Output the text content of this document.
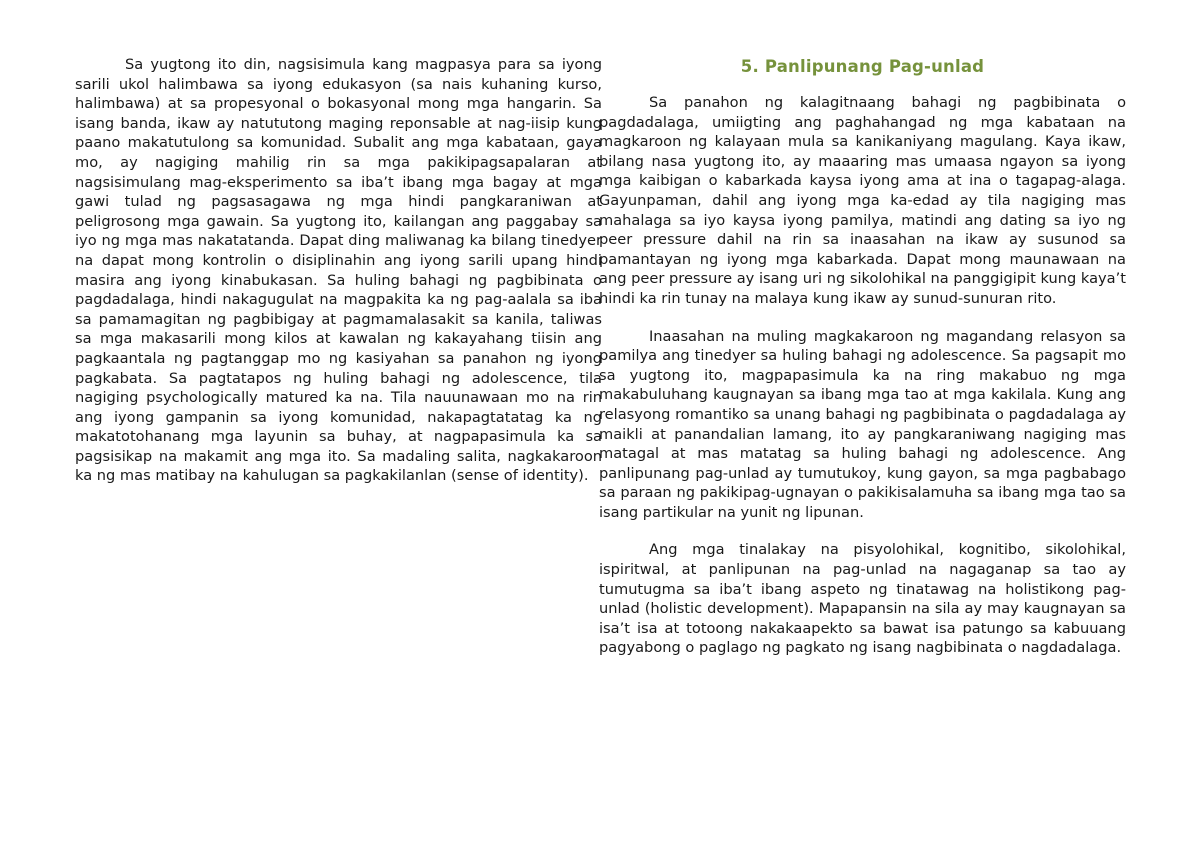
Sa yugtong ito din, nagsisimula kang magpasya para sa iyong sarili ukol halimbawa sa iyong edukasyon (sa nais kuhaning kurso, halimbawa) at sa propesyonal o bokasyonal mong mga hangarin. Sa isang banda, ikaw ay natututong maging reponsable at nag-iisip kung paano makatutulong sa komunidad. Subalit ang mga kabataan, gaya mo, ay nagiging mahilig rin sa mga pakikipagsapalaran at nagsisimulang mag-eksperimento sa iba’t ibang mga bagay at mga gawi tulad ng pagsasagawa ng mga hindi pangkaraniwan at peligrosong mga gawain. Sa yugtong ito, kailangan ang paggabay sa iyo ng mga mas nakatatanda. Dapat ding maliwanag ka bilang tinedyer na dapat mong kontrolin o disiplinahin ang iyong sarili upang hindi masira ang iyong kinabukasan. Sa huling bahagi ng pagbibinata o pagdadalaga, hindi nakagugulat na magpakita ka ng pag-aalala sa iba sa pamamagitan ng pagbibigay at pagmamalasakit sa kanila, taliwas sa mga makasarili mong kilos at kawalan ng kakayahang tiisin ang pagkaantala ng pagtanggap mo ng kasiyahan sa panahon ng iyong pagkabata. Sa pagtatapos ng huling bahagi ng adolescence, tila nagiging psychologically matured ka na. Tila nauunawaan mo na rin ang iyong gampanin sa iyong komunidad, nakapagtatatag ka ng makatotohanang mga layunin sa buhay, at nagpapasimula ka sa pagsisikap na makamit ang mga ito. Sa madaling salita, nagkakaroon ka ng mas matibay na kahulugan sa pagkakilanlan (sense of identity).

5. Panlipunang Pag-unlad

Sa panahon ng kalagitnaang bahagi ng pagbibinata o pagdadalaga, umiigting ang paghahangad ng mga kabataan na magkaroon ng kalayaan mula sa kanikaniyang magulang. Kaya ikaw, bilang nasa yugtong ito, ay maaaring mas umaasa ngayon sa iyong mga kaibigan o kabarkada kaysa iyong ama at ina o tagapag-alaga. Gayunpaman, dahil ang iyong mga ka-edad ay tila nagiging mas mahalaga sa iyo kaysa iyong pamilya, matindi ang dating sa iyo ng peer pressure dahil na rin sa inaasahan na ikaw ay susunod sa pamantayan ng iyong mga kabarkada. Dapat mong maunawaan na ang peer pressure ay isang uri ng sikolohikal na panggigipit kung kaya’t hindi ka rin tunay na malaya kung ikaw ay sunud-sunuran rito.

Inaasahan na muling magkakaroon ng magandang relasyon sa pamilya ang tinedyer sa huling bahagi ng adolescence. Sa pagsapit mo sa yugtong ito, magpapasimula ka na ring makabuo ng mga makabuluhang kaugnayan sa ibang mga tao at mga kakilala. Kung ang relasyong romantiko sa unang bahagi ng pagbibinata o pagdadalaga ay maikli at panandalian lamang, ito ay pangkaraniwang nagiging mas matagal at mas matatag sa huling bahagi ng adolescence. Ang panlipunang pag-unlad ay tumutukoy, kung gayon, sa mga pagbabago sa paraan ng pakikipag-ugnayan o pakikisalamuha sa ibang mga tao sa isang partikular na yunit ng lipunan.

Ang mga tinalakay na pisyolohikal, kognitibo, sikolohikal, ispiritwal, at panlipunan na pag-unlad na nagaganap sa tao ay tumutugma sa iba’t ibang aspeto ng tinatawag na holistikong pag-unlad (holistic development). Mapapansin na sila ay may kaugnayan sa isa’t isa at totoong nakakaapekto sa bawat isa patungo sa kabuuang pagyabong o paglago ng pagkato ng isang nagbibinata o nagdadalaga.
